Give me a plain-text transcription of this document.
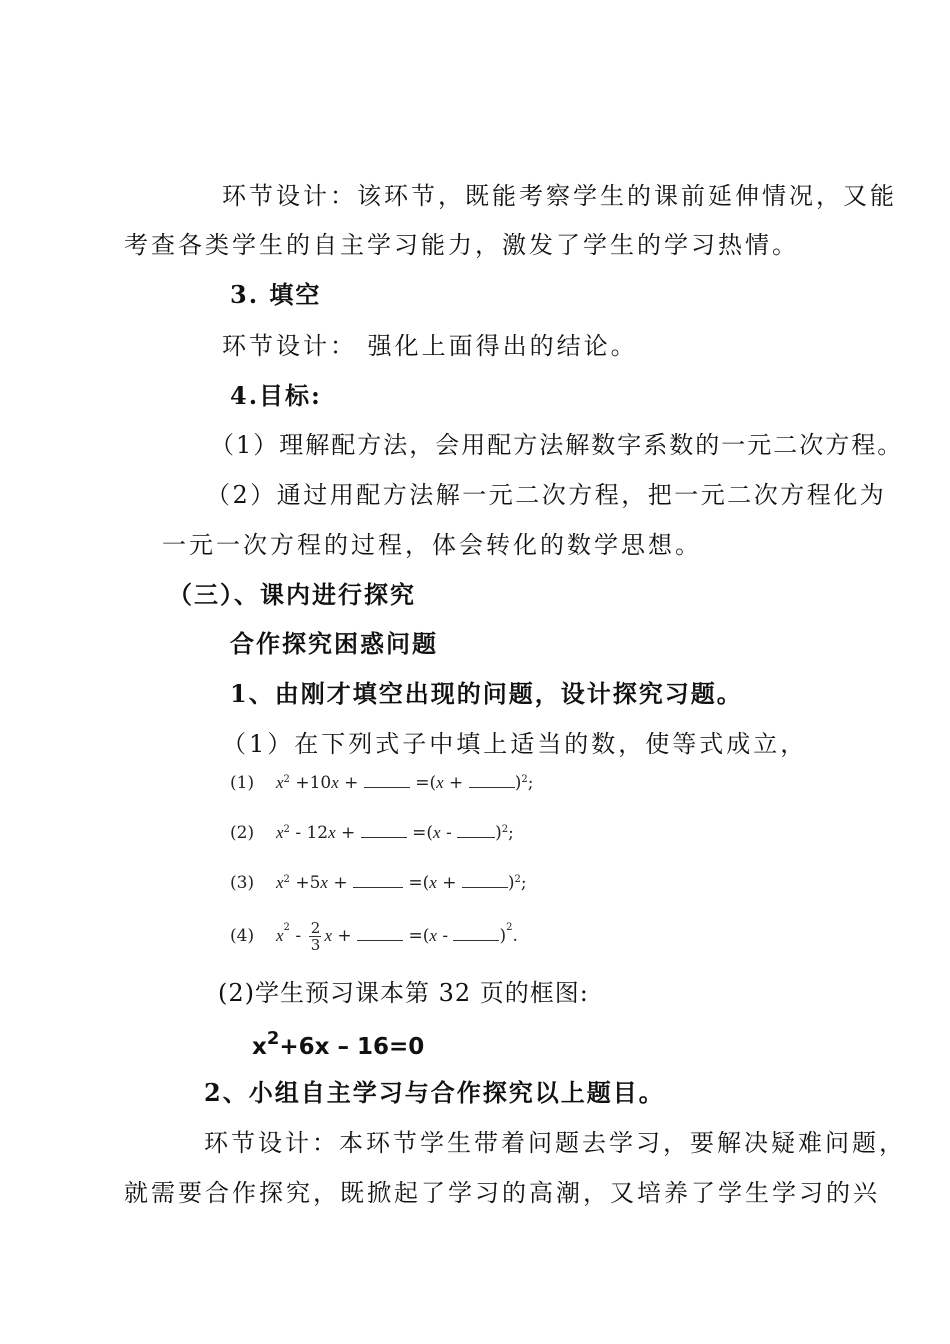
环节设计：该环节，既能考察学生的课前延伸情况，又能
考查各类学生的自主学习能力，激发了学生的学习热情。
3. 填空
环节设计： 强化上面得出的结论。
4.目标:
（1）理解配方法，会用配方法解数字系数的一元二次方程。
（2）通过用配方法解一元二次方程，把一元二次方程化为
一元一次方程的过程，体会转化的数学思想。
（三）、课内进行探究
合作探究困惑问题
1、由刚才填空出现的问题，设计探究习题。
（1）在下列式子中填上适当的数，使等式成立，
(1) $x^2 +10x$ +	=(x +	)$^2$;
(2) $x^2 - 12x$ +	=(x - )$^2$;
(3) $x^2 +5x$ +	=(x +	)$^2$;
(4) $x^2 - \frac{2}{3}$ x +	=(x -	)$^2$.
(2)学生预习课本第 32 页的框图:
$x^2+6x - 16=0$
2、小组自主学习与合作探究以上题目。
环节设计：本环节学生带着问题去学习，要解决疑难问题，
就需要合作探究，既掀起了学习的高潮，又培养了学生学习的兴
